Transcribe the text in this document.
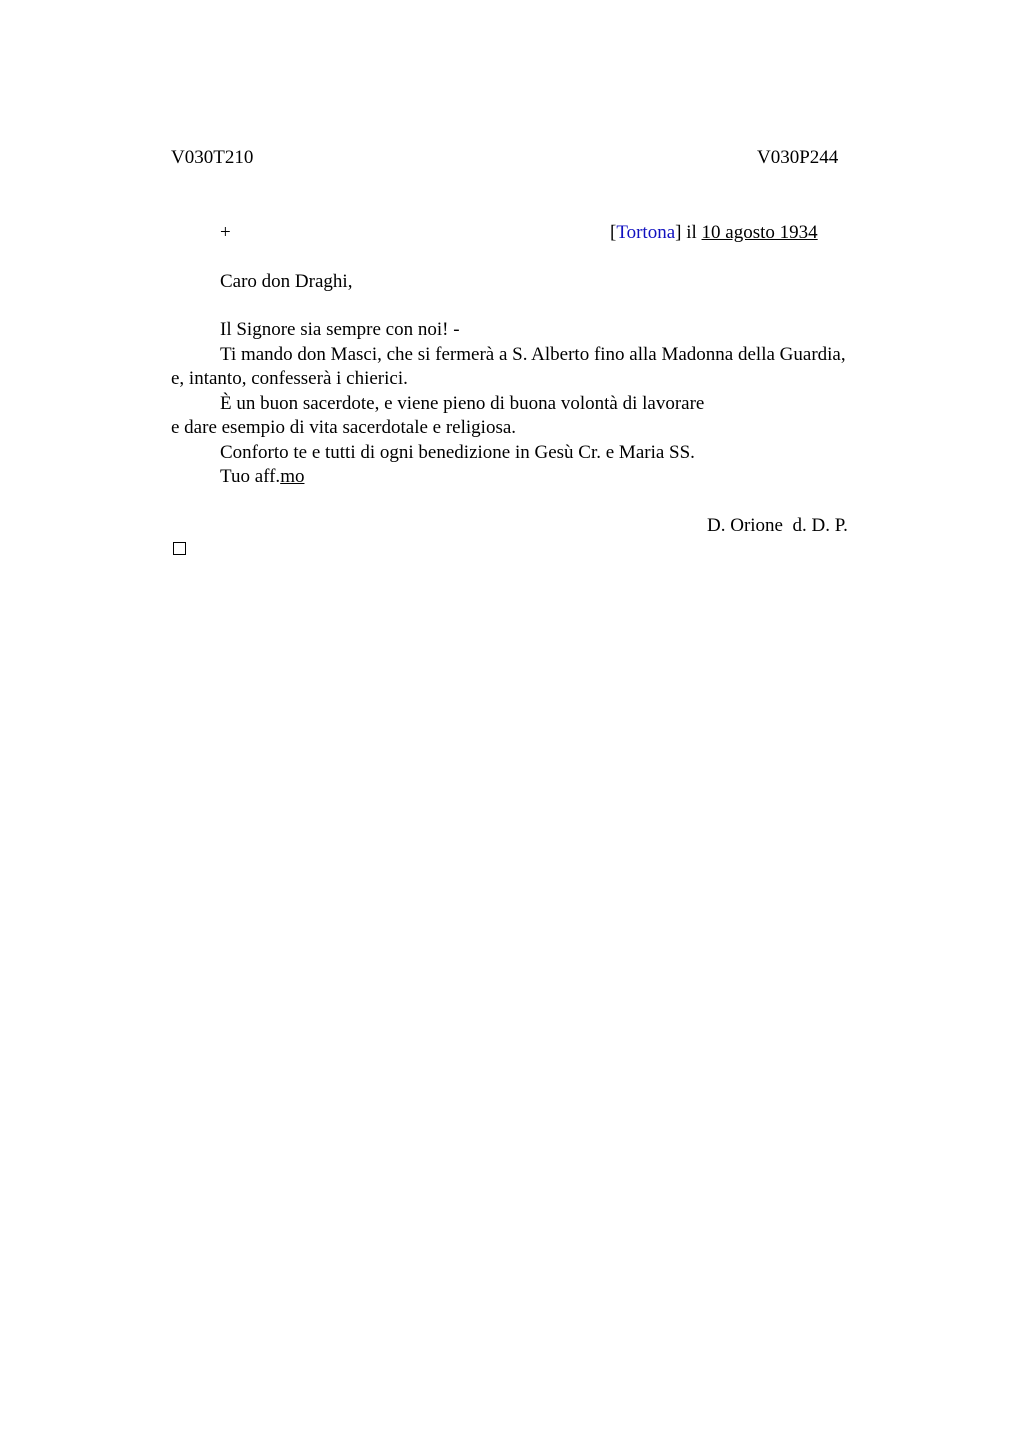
V030T210	V030P244
+	[Tortona] il 10 agosto 1934
Caro don Draghi,
Il Signore sia sempre con noi! -
Ti mando don Masci, che si fermerà a S. Alberto fino alla Madonna della Guardia,
e, intanto, confesserà i chierici.
È un buon sacerdote, e viene pieno di buona volontà di lavorare
e dare esempio di vita sacerdotale e religiosa.
Conforto te e tutti di ogni benedizione in Gesù Cr. e Maria SS.
Tuo aff.mo
D. Orione  d. D. P.
